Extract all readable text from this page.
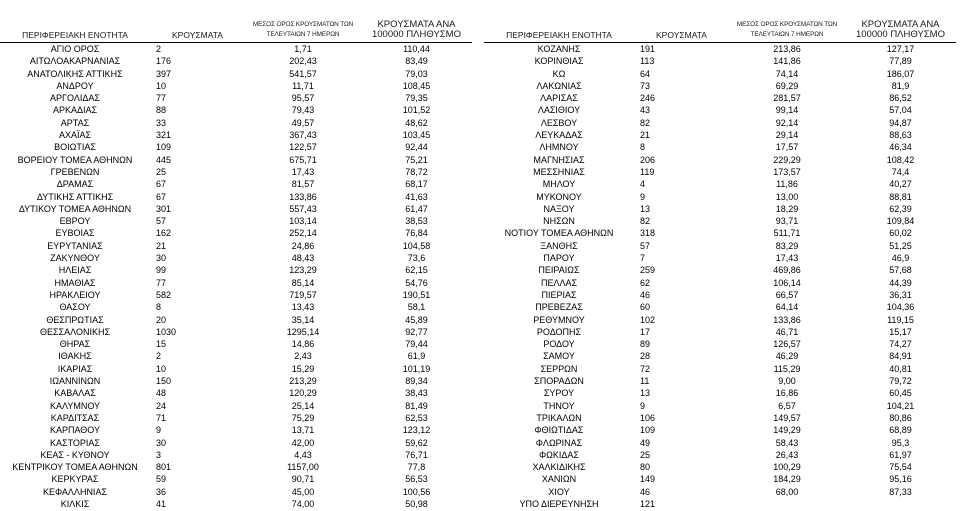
ΠΕΡΙΦΕΡΕΙΑΚΗ ΕΝΟΤΗΤΑ	ΚΡΟΥΣΜΑΤΑ	ΜΕΣΟΣ ΟΡΟΣ ΚΡΟΥΣΜΑΤΩΝ ΤΩΝ ΤΕΛΕΥΤΑΙΩΝ 7 ΗΜΕΡΩΝ	ΚΡΟΥΣΜΑΤΑ ΑΝΑ 100000 ΠΛΗΘΥΣΜΟ
ΑΓΙΟ ΟΡΟΣ	2	1,71	110,44
ΑΙΤΩΛΟΑΚΑΡΝΑΝΙΑΣ	176	202,43	83,49
ΑΝΑΤΟΛΙΚΗΣ ΑΤΤΙΚΗΣ	397	541,57	79,03
ΑΝΔΡΟΥ	10	11,71	108,45
ΑΡΓΟΛΙΔΑΣ	77	95,57	79,35
ΑΡΚΑΔΙΑΣ	88	79,43	101,52
ΑΡΤΑΣ	33	49,57	48,62
ΑΧΑΪΑΣ	321	367,43	103,45
ΒΟΙΩΤΙΑΣ	109	122,57	92,44
ΒΟΡΕΙΟΥ ΤΟΜΕΑ ΑΘΗΝΩΝ	445	675,71	75,21
ΓΡΕΒΕΝΩΝ	25	17,43	78,72
ΔΡΑΜΑΣ	67	81,57	68,17
ΔΥΤΙΚΗΣ ΑΤΤΙΚΗΣ	67	133,86	41,63
ΔΥΤΙΚΟΥ ΤΟΜΕΑ ΑΘΗΝΩΝ	301	557,43	61,47
ΕΒΡΟΥ	57	103,14	38,53
ΕΥΒΟΙΑΣ	162	252,14	76,84
ΕΥΡΥΤΑΝΙΑΣ	21	24,86	104,58
ΖΑΚΥΝΘΟΥ	30	48,43	73,6
ΗΛΕΙΑΣ	99	123,29	62,15
ΗΜΑΘΙΑΣ	77	85,14	54,76
ΗΡΑΚΛΕΙΟΥ	582	719,57	190,51
ΘΑΣΟΥ	8	13,43	58,1
ΘΕΣΠΡΩΤΙΑΣ	20	35,14	45,89
ΘΕΣΣΑΛΟΝΙΚΗΣ	1030	1295,14	92,77
ΘΗΡΑΣ	15	14,86	79,44
ΙΘΑΚΗΣ	2	2,43	61,9
ΙΚΑΡΙΑΣ	10	15,29	101,19
ΙΩΑΝΝΙΝΩΝ	150	213,29	89,34
ΚΑΒΑΛΑΣ	48	120,29	38,43
ΚΑΛΥΜΝΟΥ	24	25,14	81,49
ΚΑΡΔΙΤΣΑΣ	71	75,29	62,53
ΚΑΡΠΑΘΟΥ	9	13,71	123,12
ΚΑΣΤΟΡΙΑΣ	30	42,00	59,62
ΚΕΑΣ - ΚΥΘΝΟΥ	3	4,43	76,71
ΚΕΝΤΡΙΚΟΥ ΤΟΜΕΑ ΑΘΗΝΩΝ	801	1157,00	77,8
ΚΕΡΚΥΡΑΣ	59	90,71	56,53
ΚΕΦΑΛΛΗΝΙΑΣ	36	45,00	100,56
ΚΙΛΚΙΣ	41	74,00	50,98
ΠΕΡΙΦΕΡΕΙΑΚΗ ΕΝΟΤΗΤΑ	ΚΡΟΥΣΜΑΤΑ	ΜΕΣΟΣ ΟΡΟΣ ΚΡΟΥΣΜΑΤΩΝ ΤΩΝ ΤΕΛΕΥΤΑΙΩΝ 7 ΗΜΕΡΩΝ	ΚΡΟΥΣΜΑΤΑ ΑΝΑ 100000 ΠΛΗΘΥΣΜΟ
ΚΟΖΑΝΗΣ	191	213,86	127,17
ΚΟΡΙΝΘΙΑΣ	113	141,86	77,89
ΚΩ	64	74,14	186,07
ΛΑΚΩΝΙΑΣ	73	69,29	81,9
ΛΑΡΙΣΑΣ	246	281,57	86,52
ΛΑΣΙΘΙΟΥ	43	99,14	57,04
ΛΕΣΒΟΥ	82	92,14	94,87
ΛΕΥΚΑΔΑΣ	21	29,14	88,63
ΛΗΜΝΟΥ	8	17,57	46,34
ΜΑΓΝΗΣΙΑΣ	206	229,29	108,42
ΜΕΣΣΗΝΙΑΣ	119	173,57	74,4
ΜΗΛΟΥ	4	11,86	40,27
ΜΥΚΟΝΟΥ	9	13,00	88,81
ΝΑΞΟΥ	13	18,29	62,39
ΝΗΣΩΝ	82	93,71	109,84
ΝΟΤΙΟΥ ΤΟΜΕΑ ΑΘΗΝΩΝ	318	511,71	60,02
ΞΑΝΘΗΣ	57	83,29	51,25
ΠΑΡΟΥ	7	17,43	46,9
ΠΕΙΡΑΙΩΣ	259	469,86	57,68
ΠΕΛΛΑΣ	62	106,14	44,39
ΠΙΕΡΙΑΣ	46	66,57	36,31
ΠΡΕΒΕΖΑΣ	60	64,14	104,36
ΡΕΘΥΜΝΟΥ	102	133,86	119,15
ΡΟΔΟΠΗΣ	17	46,71	15,17
ΡΟΔΟΥ	89	126,57	74,27
ΣΑΜΟΥ	28	46,29	84,91
ΣΕΡΡΩΝ	72	115,29	40,81
ΣΠΟΡΑΔΩΝ	11	9,00	79,72
ΣΥΡΟΥ	13	16,86	60,45
ΤΗΝΟΥ	9	6,57	104,21
ΤΡΙΚΑΛΩΝ	106	149,57	80,86
ΦΘΙΩΤΙΔΑΣ	109	149,29	68,89
ΦΛΩΡΙΝΑΣ	49	58,43	95,3
ΦΩΚΙΔΑΣ	25	26,43	61,97
ΧΑΛΚΙΔΙΚΗΣ	80	100,29	75,54
ΧΑΝΙΩΝ	149	184,29	95,16
ΧΙΟΥ	46	68,00	87,33
ΥΠΟ ΔΙΕΡΕΥΝΗΣΗ	121		
